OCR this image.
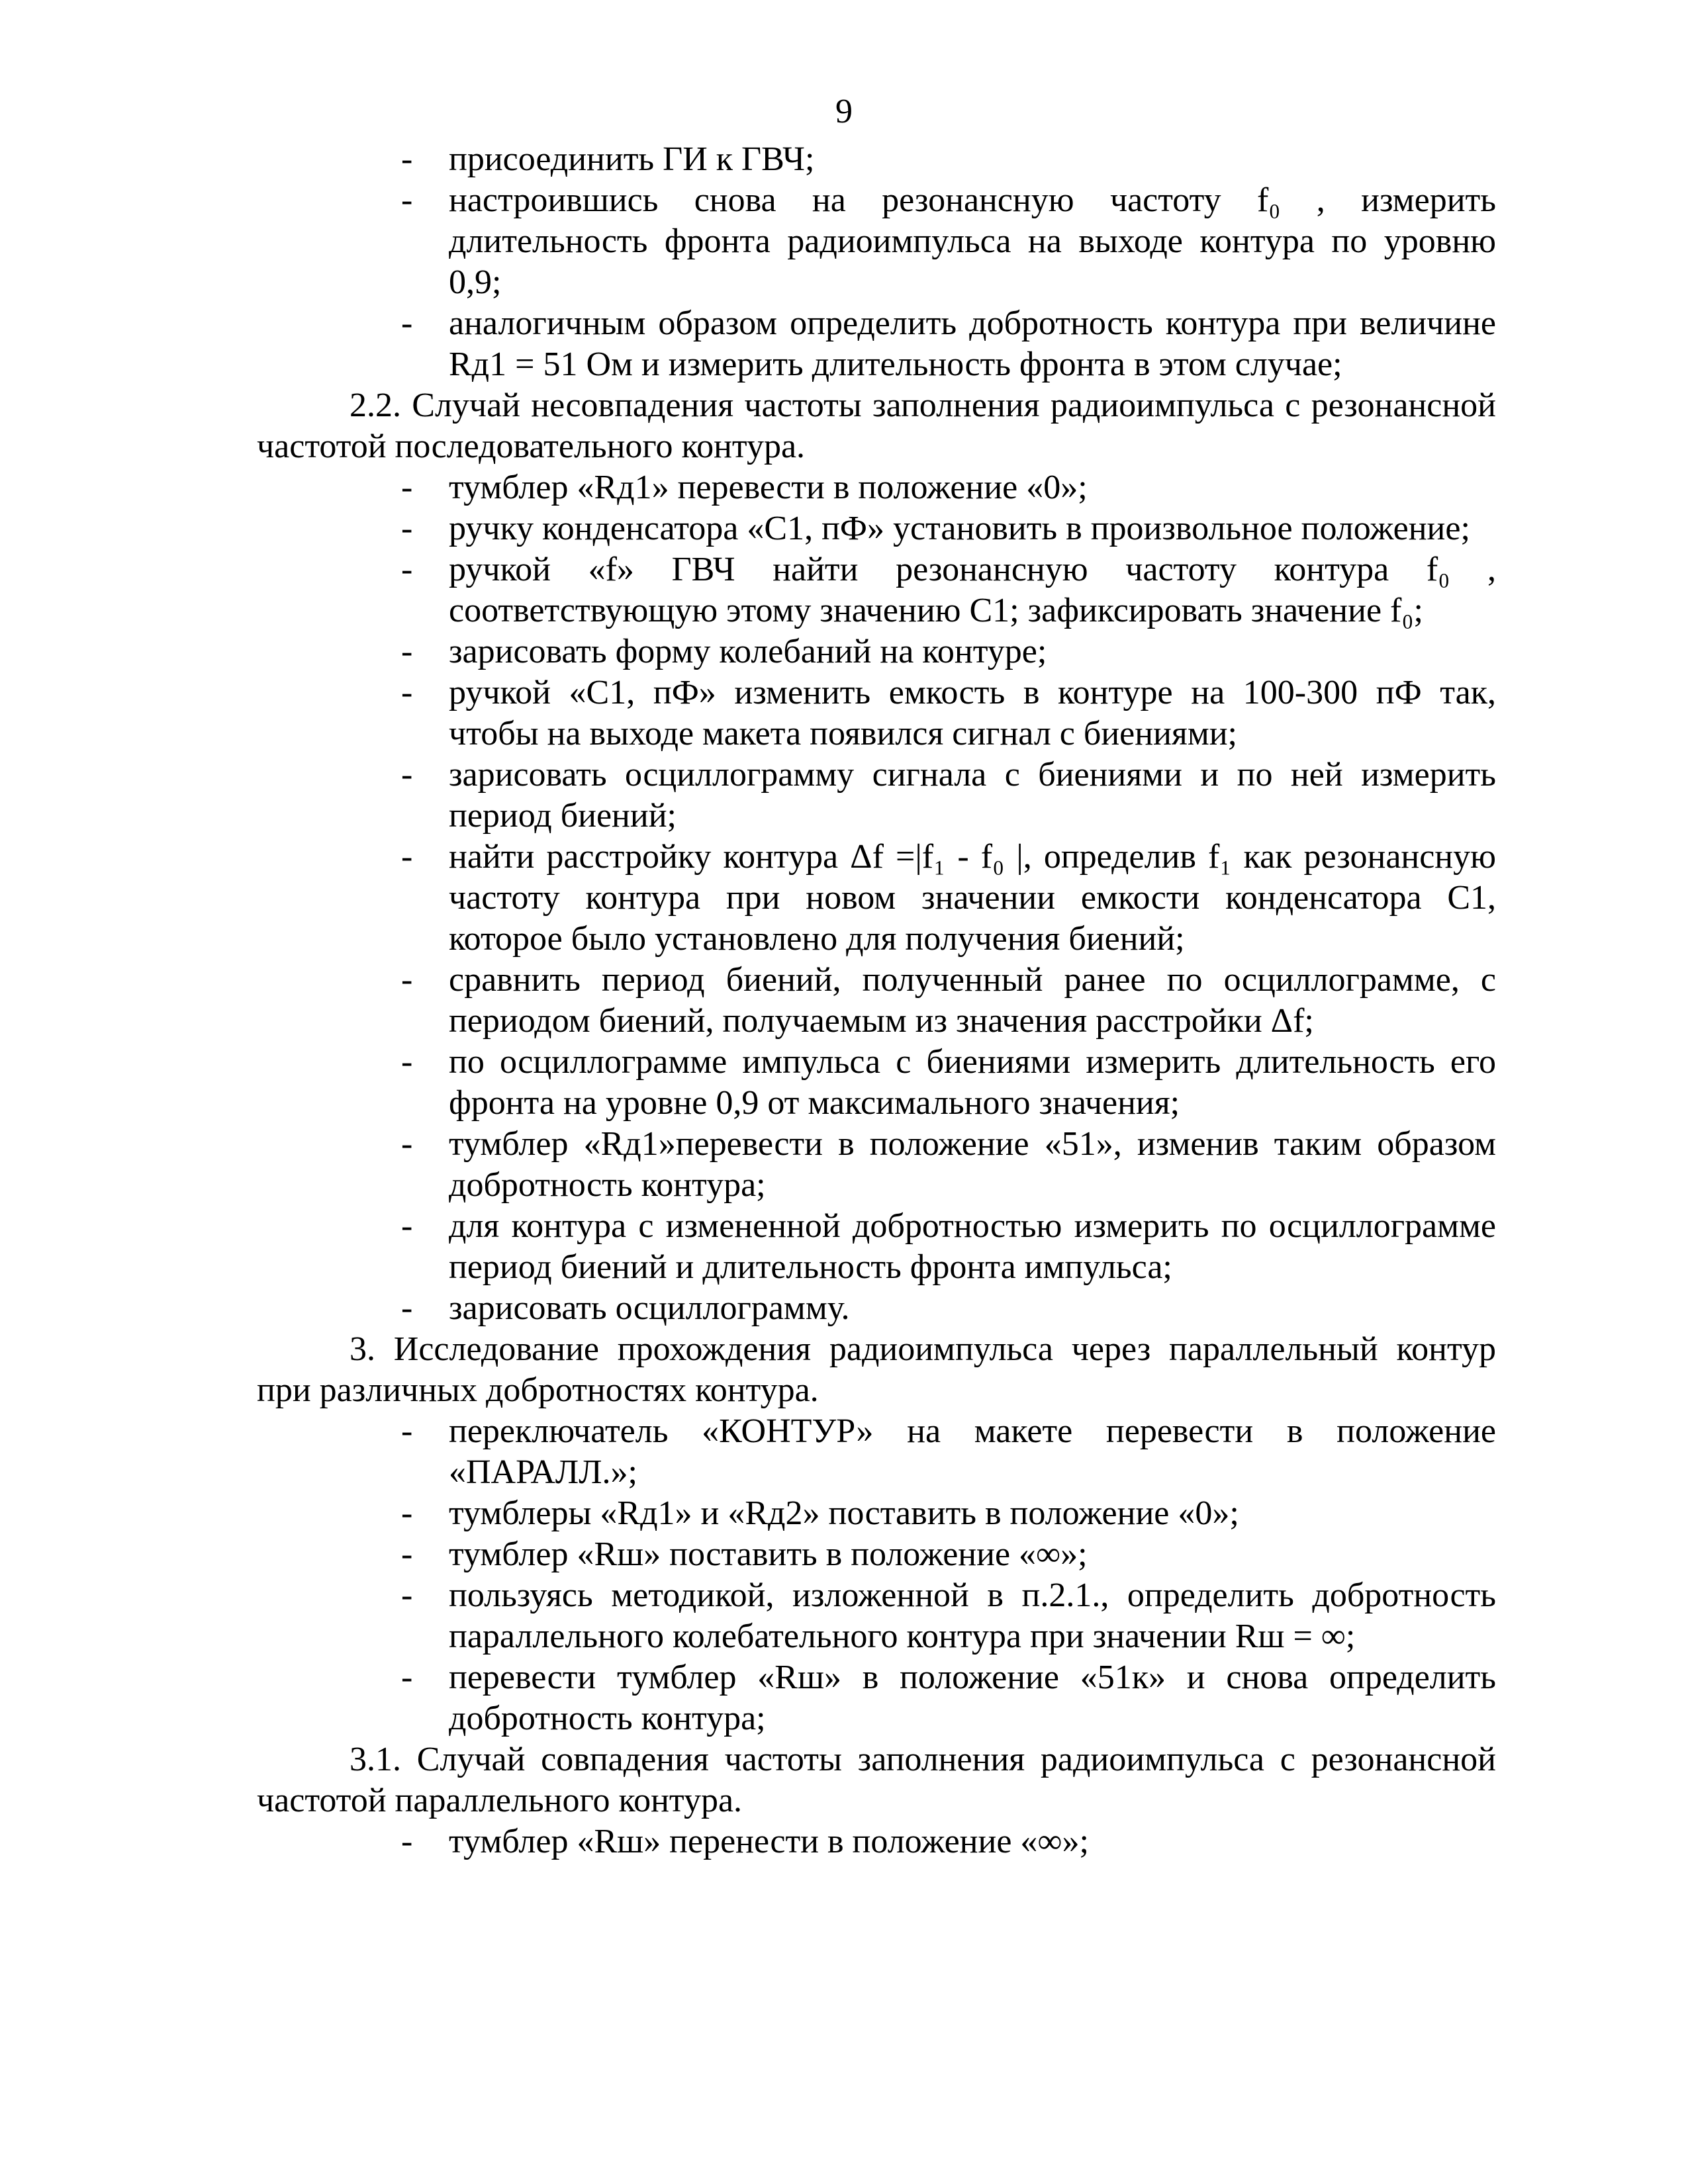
9

- присоединить ГИ к ГВЧ;

- настроившись снова на резонансную частоту f₀ , измерить длительность фронта радиоимпульса на выходе контура по уровню 0,9;

- аналогичным образом определить добротность контура при величине Rд1 = 51 Ом и измерить длительность фронта в этом случае;

2.2. Случай несовпадения частоты заполнения радиоимпульса с резонансной частотой последовательного контура.

- тумблер «Rд1» перевести в положение «0»;

- ручку конденсатора «C1, пФ» установить в произвольное положение;

- ручкой «f» ГВЧ найти резонансную частоту контура f₀ , соответствующую этому значению C1; зафиксировать значение f₀;

- зарисовать форму колебаний на контуре;

- ручкой «C1, пФ» изменить емкость в контуре на 100-300 пФ так, чтобы на выходе макета появился сигнал с биениями;

- зарисовать осциллограмму сигнала с биениями и по ней измерить период биений;

- найти расстройку контура Δf =|f₁ - f₀ |, определив f₁ как резонансную частоту контура при новом значении емкости конденсатора C1, которое было установлено для получения биений;

- сравнить период биений, полученный ранее по осциллограмме, с периодом биений, получаемым из значения расстройки Δf;

- по осциллограмме импульса с биениями измерить длительность его фронта на уровне 0,9 от максимального значения;

- тумблер «Rд1»перевести в положение «51», изменив таким образом добротность контура;

- для контура с измененной добротностью измерить по осциллограмме период биений и длительность фронта импульса;

- зарисовать осциллограмму.

3. Исследование прохождения радиоимпульса через параллельный контур при различных добротностях контура.

- переключатель «КОНТУР» на макете перевести в положение «ПАРАЛЛ.»;

- тумблеры «Rд1» и «Rд2» поставить в положение «0»;

- тумблер «Rш» поставить в положение «∞»;

- пользуясь методикой, изложенной в п.2.1., определить добротность параллельного колебательного контура при значении Rш = ∞;

- перевести тумблер «Rш» в положение «51к» и снова определить добротность контура;

3.1. Случай совпадения частоты заполнения радиоимпульса с резонансной частотой параллельного контура.

- тумблер «Rш» перенести в положение «∞»;
